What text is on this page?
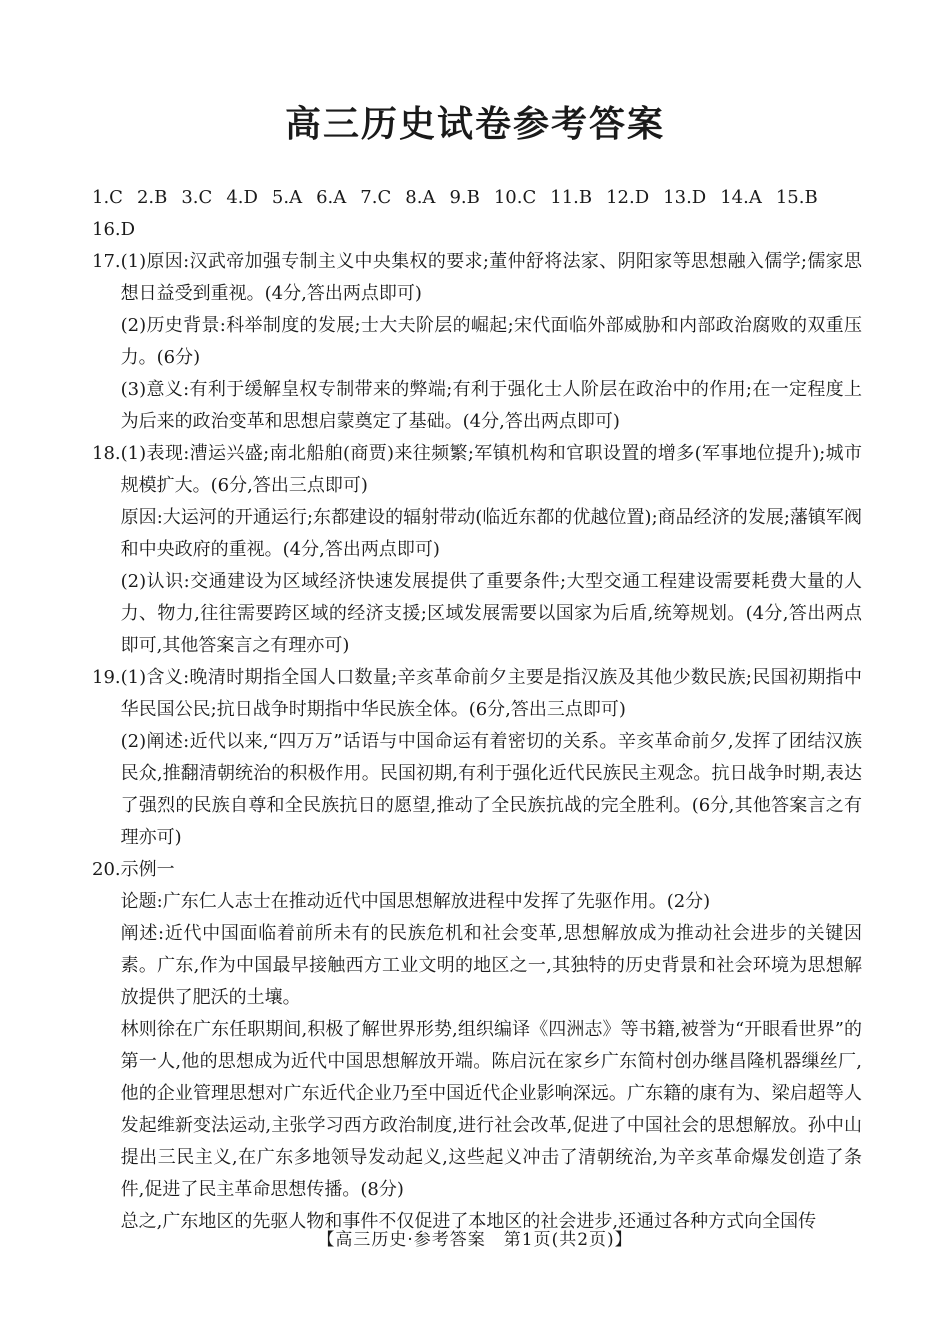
高三历史试卷参考答案
1.C 2.B 3.C 4.D 5.A 6.A 7.C 8.A 9.B 10.C 11.B 12.D 13.D 14.A 15.B16.D
17. (1)原因:汉武帝加强专制主义中央集权的要求;董仲舒将法家、阴阳家等思想融入儒学;儒家思想日益受到重视。(4分,答出两点即可)
(2)历史背景:科举制度的发展;士大夫阶层的崛起;宋代面临外部威胁和内部政治腐败的双重压力。(6分)
(3)意义:有利于缓解皇权专制带来的弊端;有利于强化士人阶层在政治中的作用;在一定程度上为后来的政治变革和思想启蒙奠定了基础。(4分,答出两点即可)
18. (1)表现:漕运兴盛;南北船舶(商贾)来往频繁;军镇机构和官职设置的增多(军事地位提升);城市规模扩大。(6分,答出三点即可)
原因:大运河的开通运行;东都建设的辐射带动(临近东都的优越位置);商品经济的发展;藩镇军阀和中央政府的重视。(4分,答出两点即可)
(2)认识:交通建设为区域经济快速发展提供了重要条件;大型交通工程建设需要耗费大量的人力、物力,往往需要跨区域的经济支援;区域发展需要以国家为后盾,统筹规划。(4分,答出两点即可,其他答案言之有理亦可)
19. (1)含义:晚清时期指全国人口数量;辛亥革命前夕主要是指汉族及其他少数民族;民国初期指中华民国公民;抗日战争时期指中华民族全体。(6分,答出三点即可)
(2)阐述:近代以来,“四万万”话语与中国命运有着密切的关系。辛亥革命前夕,发挥了团结汉族民众,推翻清朝统治的积极作用。民国初期,有利于强化近代民族民主观念。抗日战争时期,表达了强烈的民族自尊和全民族抗日的愿望,推动了全民族抗战的完全胜利。(6分,其他答案言之有理亦可)
20. 示例一
论题:广东仁人志士在推动近代中国思想解放进程中发挥了先驱作用。(2分)
阐述:近代中国面临着前所未有的民族危机和社会变革,思想解放成为推动社会进步的关键因素。广东,作为中国最早接触西方工业文明的地区之一,其独特的历史背景和社会环境为思想解放提供了肥沃的土壤。
林则徐在广东任职期间,积极了解世界形势,组织编译《四洲志》等书籍,被誉为“开眼看世界”的第一人,他的思想成为近代中国思想解放开端。陈启沅在家乡广东简村创办继昌隆机器缫丝厂,他的企业管理思想对广东近代企业乃至中国近代企业影响深远。广东籍的康有为、梁启超等人发起维新变法运动,主张学习西方政治制度,进行社会改革,促进了中国社会的思想解放。孙中山提出三民主义,在广东多地领导发动起义,这些起义冲击了清朝统治,为辛亥革命爆发创造了条件,促进了民主革命思想传播。(8分)
总之,广东地区的先驱人物和事件不仅促进了本地区的社会进步,还通过各种方式向全国传
【高三历史·参考答案　第1页(共2页)】
